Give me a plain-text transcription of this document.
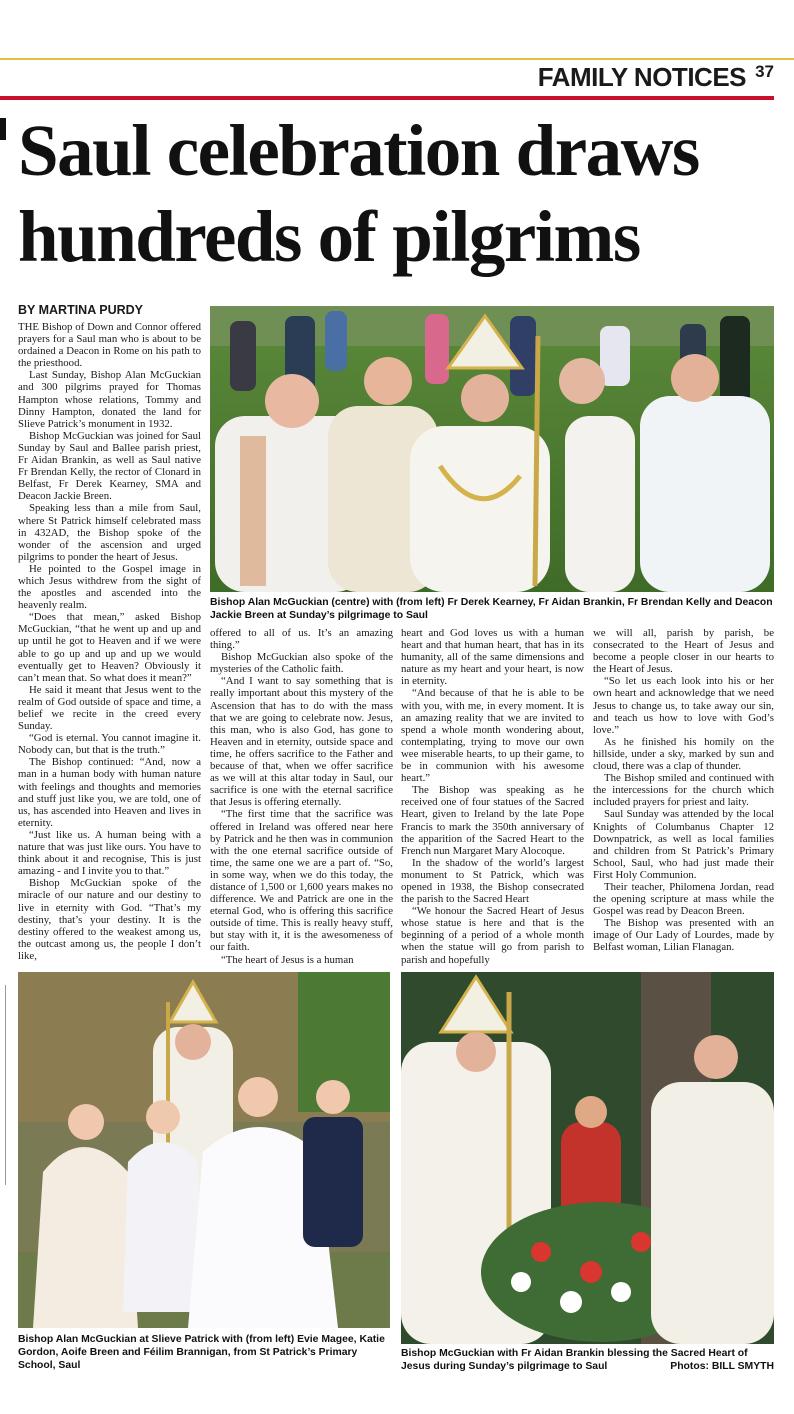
FAMILY NOTICES 37
Saul celebration draws hundreds of pilgrims
BY MARTINA PURDY
Bishop Alan McGuckian (centre) with (from left) Fr Derek Kearney, Fr Aidan Brankin, Fr Brendan Kelly and Deacon Jackie Breen at Sunday’s pilgrimage to Saul

THE Bishop of Down and Connor offered prayers for a Saul man who is about to be ordained a Deacon in Rome on his path to the priesthood.

Last Sunday, Bishop Alan McGuckian and 300 pilgrims prayed for Thomas Hampton whose relations, Tommy and Dinny Hampton, donated the land for Slieve Patrick’s monument in 1932.

Bishop McGuckian was joined for Saul Sunday by Saul and Ballee parish priest, Fr Aidan Brankin, as well as Saul native Fr Brendan Kelly, the rector of Clonard in Belfast, Fr Derek Kearney, SMA and Deacon Jackie Breen.

Speaking less than a mile from Saul, where St Patrick himself celebrated mass in 432AD, the Bishop spoke of the wonder of the ascension and urged pilgrims to ponder the heart of Jesus.

He pointed to the Gospel image in which Jesus withdrew from the sight of the apostles and ascended into the heavenly realm.

“Does that mean,” asked Bishop McGuckian, “that he went up and up and up until he got to Heaven and if we were able to go up and up and up we would eventually get to Heaven? Obviously it can’t mean that. So what does it mean?”

He said it meant that Jesus went to the realm of God outside of space and time, a belief we recite in the creed every Sunday.

“God is eternal. You cannot imagine it. Nobody can, but that is the truth.”

The Bishop continued: “And, now a man in a human body with human nature with feelings and thoughts and memories and stuff just like you, we are told, one of us, has ascended into Heaven and lives in eternity.

“Just like us. A human being with a nature that was just like ours. You have to think about it and recognise, This is just amazing - and I invite you to that.”

Bishop McGuckian spoke of the miracle of our nature and our destiny to live in eternity with God. “That’s my destiny, that’s your destiny. It is the destiny offered to the weakest among us, the outcast among us, the people I don’t like,

offered to all of us. It’s an amazing thing.”

Bishop McGuckian also spoke of the mysteries of the Catholic faith.

“And I want to say something that is really important about this mystery of the Ascension that has to do with the mass that we are going to celebrate now. Jesus, this man, who is also God, has gone to Heaven and in eternity, outside space and time, he offers sacrifice to the Father and because of that, when we offer sacrifice as we will at this altar today in Saul, our sacrifice is one with the eternal sacrifice that Jesus is offering eternally.

“The first time that the sacrifice was offered in Ireland was offered near here by Patrick and he then was in communion with the one eternal sacrifice outside of time, the same one we are a part of. “So, in some way, when we do this today, the distance of 1,500 or 1,600 years makes no difference. We and Patrick are one in the eternal God, who is offering this sacrifice outside of time. This is really heavy stuff, but stay with it, it is the awesomeness of our faith.

“The heart of Jesus is a human

heart and God loves us with a human heart and that human heart, that has in its humanity, all of the same dimensions and nature as my heart and your heart, is now in eternity.

“And because of that he is able to be with you, with me, in every moment. It is an amazing reality that we are invited to spend a whole month wondering about, contemplating, trying to move our own wee miserable hearts, to up their game, to be in communion with his awesome heart.”

The Bishop was speaking as he received one of four statues of the Sacred Heart, given to Ireland by the late Pope Francis to mark the 350th anniversary of the apparition of the Sacred Heart to the French nun Margaret Mary Alocoque.

In the shadow of the world’s largest monument to St Patrick, which was opened in 1938, the Bishop consecrated the parish to the Sacred Heart

“We honour the Sacred Heart of Jesus whose statue is here and that is the beginning of a period of a whole month when the statue will go from parish to parish and hopefully

we will all, parish by parish, be consecrated to the Heart of Jesus and become a people closer in our hearts to the Heart of Jesus.

“So let us each look into his or her own heart and acknowledge that we need Jesus to change us, to take away our sin, and teach us how to love with God’s love.”

As he finished his homily on the hillside, under a sky, marked by sun and cloud, there was a clap of thunder.

The Bishop smiled and continued with the intercessions for the church which included prayers for priest and laity.

Saul Sunday was attended by the local Knights of Columbanus Chapter 12 Downpatrick, as well as local families and children from St Patrick’s Primary School, Saul, who had just made their First Holy Communion.

Their teacher, Philomena Jordan, read the opening scripture at mass while the Gospel was read by Deacon Breen.

The Bishop was presented with an image of Our Lady of Lourdes, made by Belfast woman, Lilian Flanagan.

Bishop Alan McGuckian at Slieve Patrick with (from left) Evie Magee, Katie Gordon, Aoife Breen and Féilim Brannigan, from St Patrick’s Primary School, Saul
Bishop McGuckian with Fr Aidan Brankin blessing the Sacred Heart of Jesus during Sunday’s pilgrimage to Saul	Photos: BILL SMYTH
